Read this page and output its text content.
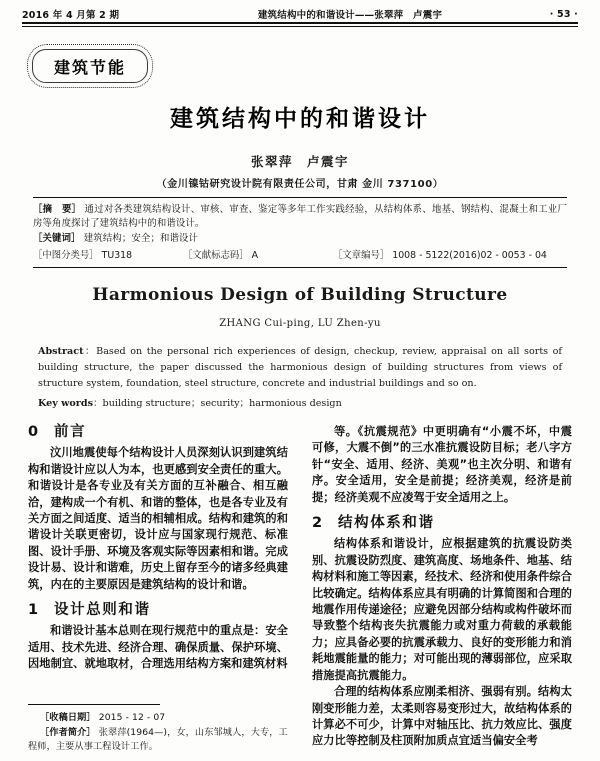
2016 年 4 月第 2 期	建筑结构中的和谐设计——张翠萍　卢震宇	· 53 ·
建筑节能
建筑结构中的和谐设计
张翠萍　卢震宇
（金川镍钴研究设计院有限责任公司，甘肃 金川 737100）
［摘　要］ 通过对各类建筑结构设计、审核、审查、鉴定等多年工作实践经验，从结构体系、地基、钢结构、混凝土和工业厂房等角度探讨了建筑结构中的和谐设计。
［关键词］ 建筑结构；安全；和谐设计
［中图分类号］ TU318	［文献标志码］ A	［文章编号］ 1008 - 5122(2016)02 - 0053 - 04
Harmonious Design of Building Structure
ZHANG Cui-ping, LU Zhen-yu
Abstract：Based on the personal rich experiences of design, checkup, review, appraisal on all sorts of building structure, the paper discussed the harmonious design of building structures from views of structure system, foundation, steel structure, concrete and industrial buildings and so on.
Key words：building structure；security；harmonious design
0 前言

汶川地震使每个结构设计人员深刻认识到建筑结构和谐设计应以人为本，也更感到安全责任的重大。和谐设计是各专业及有关方面的互补融合、相互融洽，建构成一个有机、和谐的整体，也是各专业及有关方面之间适度、适当的相辅相成。结构和建筑的和谐设计关联更密切，设计应与国家现行规范、标准图、设计手册、环境及客观实际等因素相和谐。完成设计易、设计和谐难，历史上留存至今的诸多经典建筑，内在的主要原因是建筑结构的设计和谐。

1 设计总则和谐

和谐设计基本总则在现行规范中的重点是：安全适用、技术先进、经济合理、确保质量、保护环境、因地制宜、就地取材，合理选用结构方案和建筑材料

等。《抗震规范》中更明确有“小震不坏，中震可修，大震不倒”的三水准抗震设防目标；老八字方针“安全、适用、经济、美观”也主次分明、和谐有序。安全适用，安全是前提；经济美观，经济是前提；经济美观不应凌驾于安全适用之上。

2 结构体系和谐

结构体系和谐设计，应根据建筑的抗震设防类别、抗震设防烈度、建筑高度、场地条件、地基、结构材料和施工等因素，经技术、经济和使用条件综合比较确定。结构体系应具有明确的计算简图和合理的地震作用传递途径；应避免因部分结构或构件破坏而导致整个结构丧失抗震能力或对重力荷载的承载能力；应具备必要的抗震承载力、良好的变形能力和消耗地震能量的能力；对可能出现的薄弱部位，应采取措施提高抗震能力。

合理的结构体系应刚柔相济、强弱有别。结构太刚变形能力差，太柔则容易变形过大，故结构体系的计算必不可少，计算中对轴压比、抗力效应比、强度应力比等控制及柱顶附加质点宜适当偏安全考

［收稿日期］ 2015 - 12 - 07
［作者简介］ 张翠萍(1964—)，女，山东邹城人，大专，工程师，主要从事工程设计工作。
